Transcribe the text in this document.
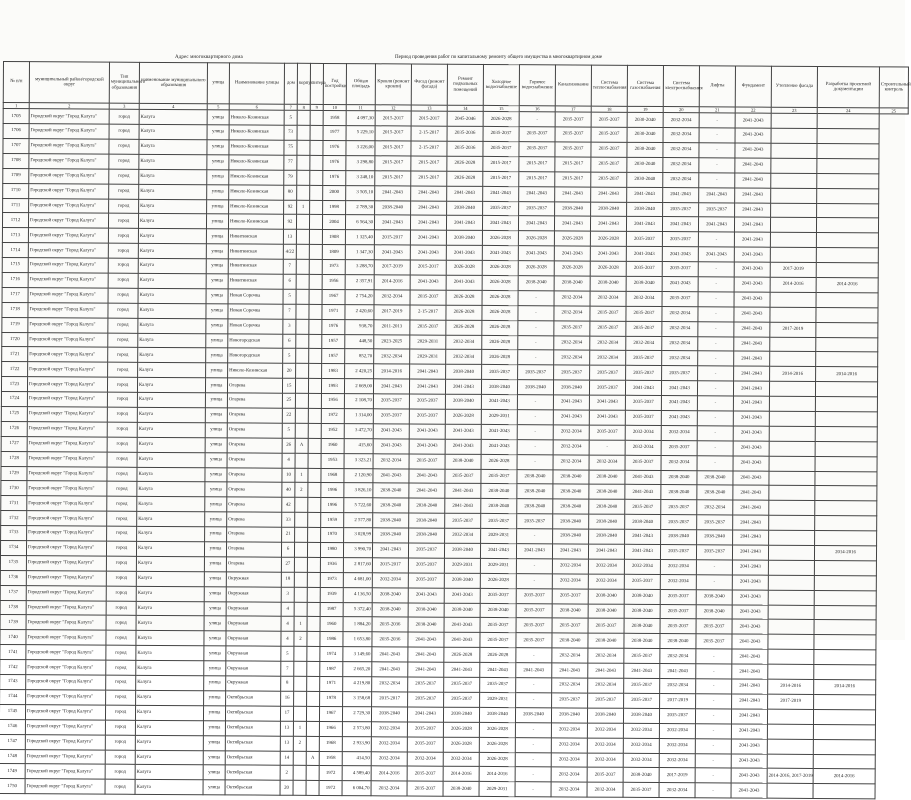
Адрес многоквартирного дома	Период проведения работ по капитальному ремонту общего имущества в многоквартирном доме
№ п/п	муниципальный район/городской округ	Тип муниципального образования	наименование муниципального образования	улица	Наименование улицы	дом	корпус	литера	Год постройки	Общая площадь	Кровля (ремонт кровли)	Фасад (ремонт фасада)	Ремонт подвальных помещений	Холодное водоснабжение	Горячее водоснабжение	Канализование	Система теплоснабжения	Система газоснабжения	Система электроснабжения	Лифты	Фундамент	Утепление фасада	Разработка проектной документации	Строительный контроль
1	2	3	4	5	6	7	8	9	10	11	12	13	14	15	16	17	18	19	20	21	22	23	24	25
1705	Городской округ "Город Калуга"	город	Калуга	улица	Николо-Козинская	5			1958	4 097,30	2015-2017	2015-2017	2045-2046	2026-2028	-	2035-2037	2035-2037	2030-2040	2032-2034	-	2041-2043			
1706	Городской округ "Город Калуга"	город	Калуга	улица	Николо-Козинская	73			1977	5 229,10	2015-2017	2-15-2017	2035-2036	2035-2037	2035-2037	2035-2037	2035-2037	2030-2040	2032-2034	-	2041-2043			
1707	Городской округ "Город Калуга"	город	Калуга	улица	Николо-Козинская	75			1976	3 226,00	2015-2017	2-15-2017	2035-2036	2035-2037	2035-2037	2035-2037	2035-2037	2030-2040	2032-2034	-	2041-2043			
1708	Городской округ "Город Калуга"	город	Калуга	улица	Николо-Козинская	77			1976	3 298,80	2015-2017	2015-2017	2026-2028	2015-2017	2015-2017	2015-2017	2035-2037	2030-2040	2032-2034	-	2041-2043			
1709	Городской округ "Город Калуга"	город	Калуга	улица	Николо-Козинская	79			1976	3 248,10	2015-2017	2015-2017	2026-2028	2015-2017	2015-2017	2015-2017	2035-2037	2030-2040	2032-2034	-	2041-2043			
1710	Городской округ "Город Калуга"	город	Калуга	улица	Николо-Козинская	80			2000	3 505,10	2041-2043	2041-2043	2041-2043	2041-2043	2041-2043	2041-2043	2041-2043	2041-2043	2041-2043	2041-2043	2041-2043			
1711	Городской округ "Город Калуга"	город	Калуга	улица	Николо-Козинская	92	1		1998	2 789,30	2038-2040	2041-2043	2038-2040	2035-2037	2035-2037	2038-2040	2038-2040	2038-2040	2035-2037	2035-2037	2041-2043			
1712	Городской округ "Город Калуга"	город	Калуга	улица	Николо-Козинская	92			2004	6 564,30	2041-2043	2041-2043	2041-2043	2041-2043	2041-2043	2041-2043	2041-2043	2041-2043	2041-2043	2041-2043	2041-2043			
1713	Городской округ "Город Калуга"	город	Калуга	улица	Никитинская	13			1908	1 325,40	2015-2017	2041-2043	2038-2040	2026-2028	2026-2028	2026-2028	2026-2028	2035-2037	2035-2037	-	2041-2043			
1714	Городской округ "Город Калуга"	город	Калуга	улица	Никитинская	4/22			1809	1 347,30	2041-2043	2041-2043	2041-2043	2041-2043	2041-2043	2041-2043	2041-2043	2041-2043	2041-2043	2041-2043	2041-2043			
1715	Городской округ "Город Калуга"	город	Калуга	улица	Никитинская	7			1973	3 288,70	2017-2019	2015-2017	2026-2028	2026-2028	2026-2028	2026-2028	2026-2028	2035-2037	2035-2037	-	2041-2043	2017-2019		
1716	Городской округ "Город Калуга"	город	Калуга	улица	Никитинская	6			1956	2 357,91	2014-2016	2041-2043	2041-2043	2026-2028	2038-2040	2038-2040	2038-2040	2038-2040	2041-2043	-	2041-2043	2014-2016	2014-2016	
1717	Городской округ "Город Калуга"	город	Калуга	улица	Новая Сорочка	5			1967	2 754,20	2032-2034	2035-2037	2026-2028	2026-2028	-	2032-2034	2032-2034	2032-2034	2035-2037	-	2041-2043			
1718	Городской округ "Город Калуга"	город	Калуга	улица	Новая Сорочка	7			1971	2 420,60	2017-2019	2-15-2017	2026-2028	2026-2028	-	2032-2034	2035-2037	2035-2037	2032-2034	-	2041-2043			
1719	Городской округ "Город Калуга"	город	Калуга	улица	Новая Сорочка	3			1976	938,70	2011-2013	2035-2037	2026-2028	2026-2028	-	2035-2037	2035-2037	2035-2037	2032-2034	-	2041-2043	2017-2019		
1720	Городской округ "Город Калуга"	город	Калуга	улица	Новогородская	6			1957	448,50	2023-2025	2029-2031	2032-2034	2026-2028	-	2032-2034	2032-2034	2032-2034	2032-2034	-	2041-2043			
1721	Городской округ "Город Калуга"	город	Калуга	улица	Новогородская	5			1957	852,70	2032-2034	2029-2031	2032-2034	2026-2028	-	2032-2034	2032-2034	2035-2037	2032-2034	-	2041-2043			
1722	Городской округ "Город Калуга"	город	Калуга	улица	Николо-Козинская	20			1983	2 420,25	2014-2016	2041-2043	2038-2040	2035-2037	2035-2037	2035-2037	2035-2037	2035-2037	2035-2037	-	2041-2043	2014-2016	2014-2016	
1723	Городской округ "Город Калуга"	город	Калуга	улица	Огарева	15			1993	2 669,00	2041-2043	2041-2043	2041-2043	2038-2040	2038-2040	2038-2040	2035-2037	2041-2043	2041-2043	-	2041-2043			
1724	Городской округ "Город Калуга"	город	Калуга	улица	Огарева	25			1956	2 108,70	2035-2037	2035-2037	2038-2040	2041-2043	-	2041-2043	2041-2043	2035-2037	2041-2043	-	2041-2043			
1725	Городской округ "Город Калуга"	город	Калуга	улица	Огарева	22			1972	1 314,00	2035-2037	2035-2037	2026-2028	2029-2031	-	2041-2043	2041-2043	2035-2037	2041-2043	-	2041-2043			
1726	Городской округ "Город Калуга"	город	Калуга	улица	Огарева	5			1952	3 472,70	2041-2043	2041-2043	2041-2043	2041-2043	-	2032-2034	2035-2037	2032-2034	2032-2034	-	2041-2043			
1727	Городской округ "Город Калуга"	город	Калуга	улица	Огарева	26	А		1960	415,60	2041-2043	2041-2043	2041-2043	2041-2043	-	2032-2034	-	2032-2034	2035-2037	-	2041-2043			
1728	Городской округ "Город Калуга"	город	Калуга	улица	Огарева	4			1953	3 323,21	2032-2034	2035-2037	2038-2040	2026-2028	-	2032-2034	2032-2034	2035-2037	2032-2034	-	2041-2043			
1729	Городской округ "Город Калуга"	город	Калуга	улица	Огарева	10	1		1968	2 120,90	2041-2043	2041-2043	2035-2037	2035-2037	2038-2040	2038-2040	2038-2040	2041-2043	2038-2040	2038-2040	2041-2043			
1730	Городской округ "Город Калуга"	город	Калуга	улица	Огарева	40	2		1996	3 826,10	2038-2040	2041-2043	2041-2043	2038-2040	2038-2040	2038-2040	2038-2040	2041-2043	2038-2040	2038-2040	2041-2043			
1731	Городской округ "Город Калуга"	город	Калуга	улица	Огарева	42			1996	5 722,60	2038-2040	2038-2040	2041-2043	2038-2040	2038-2040	2038-2040	2038-2040	2035-2037	2035-2037	2032-2034	2041-2043			
1732	Городской округ "Город Калуга"	город	Калуга	улица	Огарева	33			1959	2 577,80	2038-2040	2038-2040	2035-2037	2035-2037	2035-2037	2038-2040	2038-2040	2038-2040	2035-2037	2035-2037	2041-2043			
1733	Городской округ "Город Калуга"	город	Калуга	улица	Огарева	21			1970	3 028,99	2038-2040	2038-2040	2032-2034	2029-2031	-	2038-2040	2038-2040	2041-2043	2038-2040	2038-2040	2041-2043			
1734	Городской округ "Город Калуга"	город	Калуга	улица	Огарева	6			1980	3 990,70	2041-2043	2035-2037	2038-2040	2041-2043	2041-2043	2041-2043	2041-2043	2041-2043	2035-2037	2035-2037	2041-2043		2014-2016	
1735	Городской округ "Город Калуга"	город	Калуга	улица	Огарева	27			1936	2 817,60	2015-2017	2035-2037	2029-2031	2029-2031	-	2032-2034	2032-2034	2032-2034	2032-2034	-	2041-2043			
1736	Городской округ "Город Калуга"	город	Калуга	улица	Окружная	18			1973	4 681,00	2032-2034	2035-2037	2038-2040	2026-2028	-	2032-2034	2032-2034	2035-2037	2032-2034	-	2041-2043			
1737	Городской округ "Город Калуга"	город	Калуга	улица	Окружная	3			1939	4 136,50	2038-2040	2041-2043	2041-2043	2035-2037	2035-2037	2035-2037	2038-2040	2038-2040	2035-2037	2038-2040	2041-2043			
1738	Городской округ "Город Калуга"	город	Калуга	улица	Окружная	4			1987	5 372,40	2038-2040	2038-2040	2038-2040	2038-2040	2035-2037	2038-2040	2038-2040	2038-2040	2035-2037	2038-2040	2041-2043			
1739	Городской округ "Город Калуга"	город	Калуга	улица	Окружная	4	1		1960	1 884,20	2035-2036	2038-2040	2041-2043	2035-2037	2035-2037	2035-2037	2035-2037	2038-2040	2035-2037	2035-2037	2041-2043			
1740	Городской округ "Город Калуга"	город	Калуга	улица	Окружная	4	2		1986	1 653,80	2035-2036	2041-2043	2041-2043	2035-2037	2035-2037	2038-2040	2038-2040	2038-2040	2038-2040	2035-2037	2041-2043			
1741	Городской округ "Город Калуга"	город	Калуга	улица	Окружная	5			1974	3 149,60	2041-2043	2041-2043	2026-2028	2026-2028	-	2032-2034	2032-2034	2035-2037	2032-2034	-	2041-2043			
1742	Городской округ "Город Калуга"	город	Калуга	улица	Окружная	7			1987	2 665,20	2041-2043	2041-2043	2041-2043	2041-2043	2041-2043	2041-2043	2041-2043	2041-2043	2041-2043	-	2041-2043			
1743	Городской округ "Город Калуга"	город	Калуга	улица	Окружная	8			1971	4 219,80	2032-2034	2035-2037	2035-2037	2035-2037	-	2032-2034	2032-2034	2035-2037	2032-2034	-	2041-2043	2014-2016	2014-2016	
1744	Городской округ "Город Калуга"	город	Калуга	улица	Октябрьская	16			1978	3 158,68	2015-2017	2035-2037	2035-2037	2029-2031	-	2035-2037	2035-2037	2035-2037	2017-2019	-	2041-2043	2017-2019		
1745	Городской округ "Город Калуга"	город	Калуга	улица	Октябрьская	17			1967	2 729,30	2038-2040	2041-2043	2038-2040	2038-2040	2038-2040	2038-2040	2038-2040	2038-2040	2035-2037	-	2041-2043			
1746	Городской округ "Город Калуга"	город	Калуга	улица	Октябрьская	13	1		1966	2 573,80	2032-2034	2035-2037	2026-2028	2026-2028	-	2032-2034	2032-2034	2032-2034	2032-2034	-	2041-2043			
1747	Городской округ "Город Калуга"	город	Калуга	улица	Октябрьская	13	2		1968	2 933,90	2032-2034	2035-2037	2026-2028	2026-2028	-	2032-2034	2032-2034	2032-2034	2032-2034	-	2041-2043			
1748	Городской округ "Город Калуга"	город	Калуга	улица	Октябрьская	14		А	1958	414,50	2032-2034	2032-2034	2032-2034	2026-2028	-	2032-2034	2032-2034	2032-2034	2032-2034	-	2041-2043			
1749	Городской округ "Город Калуга"	город	Калуга	улица	Октябрьская	2			1972	4 589,40	2014-2016	2035-2037	2014-2016	2014-2016	-	2032-2034	2035-2037	2038-2040	2017-2019	-	2041-2043	2014-2016, 2017-2019	2014-2016	
1750	Городской округ "Город Калуга"	город	Калуга	улица	Октябрьская	20			1972	6 004,70	2032-2034	2035-2037	2038-2040	2029-2031	-	2032-2034	2032-2034	2035-2037	2032-2034	-	2041-2043			
